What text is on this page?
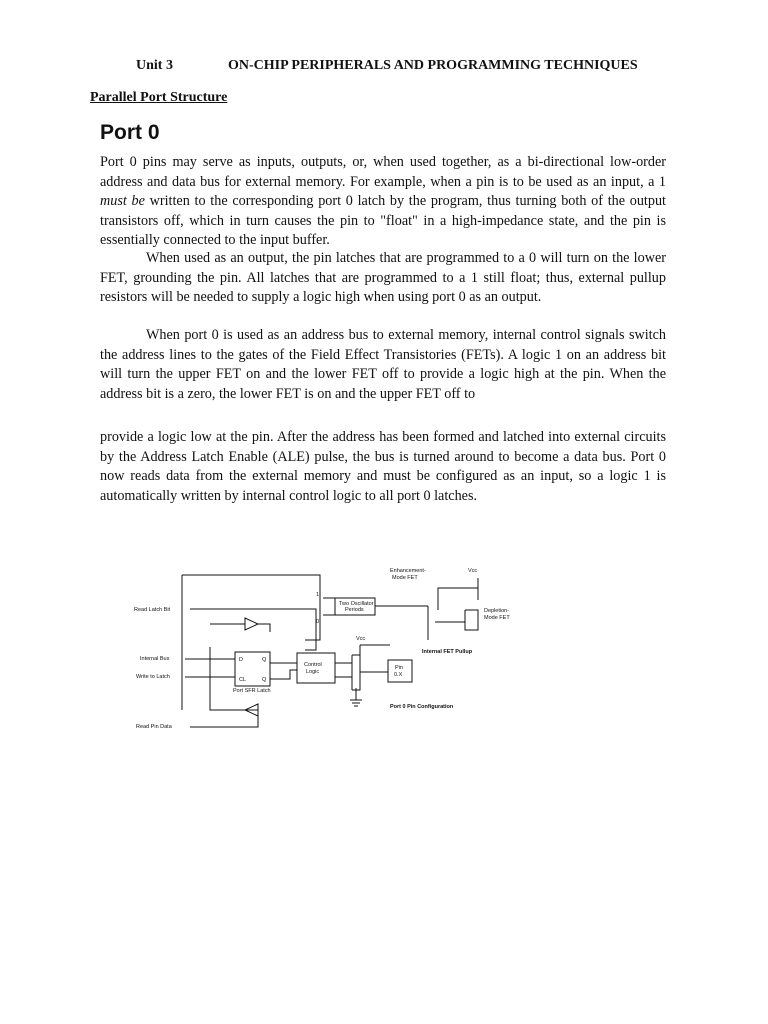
Unit 3	ON-CHIP PERIPHERALS AND PROGRAMMING TECHNIQUES
Parallel Port Structure
Port 0

Port 0 pins may serve as inputs, outputs, or, when used together, as a bi-directional low-order address and data bus for external memory. For example, when a pin is to be used as an input, a 1 must be written to the corresponding port 0 latch by the program, thus turning both of the output transistors off, which in turn causes the pin to "float" in a high-impedance state, and the pin is essentially connected to the input buffer.

When used as an output, the pin latches that are programmed to a 0 will turn on the lower FET, grounding the pin. All latches that are programmed to a 1 still float; thus, external pullup resistors will be needed to supply a logic high when using port 0 as an output.

When port 0 is used as an address bus to external memory, internal control signals switch the address lines to the gates of the Field Effect Transistories (FETs). A logic 1 on an address bit will turn the upper FET on and the lower FET off to provide a logic high at the pin. When the address bit is a zero, the lower FET is on and the upper FET off to

provide a logic low at the pin. After the address has been formed and latched into external circuits by the Address Latch Enable (ALE) pulse, the bus is turned around to become a data bus. Port 0 now reads data from the external memory and must be configured as an input, so a logic 1 is automatically written by internal control logic to all port 0 latches.

Vcc
Enhancement-
Mode FET
1
0
Two Oscillator
Periods	Depletion-
Mode FET
Vcc
Read Latch Bit
Internal Bus
Write to Latch
Read Pin Data
D	Q
CL	Q
Control
Logic
Port SFR Latch
Pin
0.X
Internal FET Pullup
Port 0 Pin Configuration
